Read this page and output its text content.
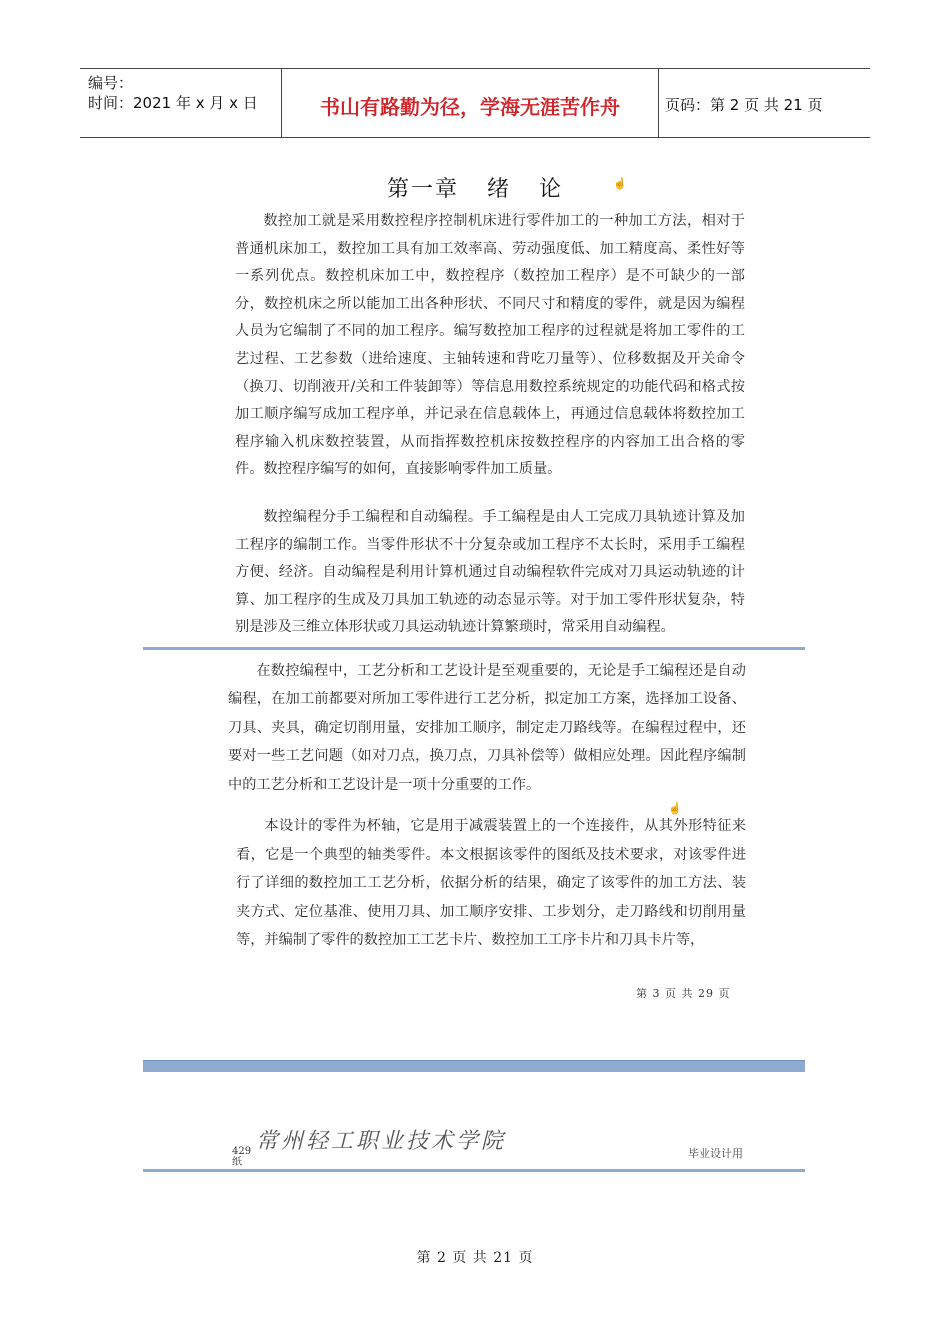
编号：
时间：2021 年 x 月 x 日	书山有路勤为径，学海无涯苦作舟	页码：第 2 页 共 21 页
第一章 绪 论

数控加工就是采用数控程序控制机床进行零件加工的一种加工方法，相对于普通机床加工，数控加工具有加工效率高、劳动强度低、加工精度高、柔性好等一系列优点。数控机床加工中，数控程序（数控加工程序）是不可缺少的一部分，数控机床之所以能加工出各种形状、不同尺寸和精度的零件，就是因为编程人员为它编制了不同的加工程序。编写数控加工程序的过程就是将加工零件的工艺过程、工艺参数（进给速度、主轴转速和背吃刀量等）、位移数据及开关命令（换刀、切削液开/关和工件装卸等）等信息用数控系统规定的功能代码和格式按加工顺序编写成加工程序单，并记录在信息载体上，再通过信息载体将数控加工程序输入机床数控装置，从而指挥数控机床按数控程序的内容加工出合格的零件。数控程序编写的如何，直接影响零件加工质量。

数控编程分手工编程和自动编程。手工编程是由人工完成刀具轨迹计算及加工程序的编制工作。当零件形状不十分复杂或加工程序不太长时，采用手工编程方便、经济。自动编程是利用计算机通过自动编程软件完成对刀具运动轨迹的计算、加工程序的生成及刀具加工轨迹的动态显示等。对于加工零件形状复杂，特别是涉及三维立体形状或刀具运动轨迹计算繁琐时，常采用自动编程。

在数控编程中，工艺分析和工艺设计是至观重要的，无论是手工编程还是自动编程，在加工前都要对所加工零件进行工艺分析，拟定加工方案，选择加工设备、刀具、夹具，确定切削用量，安排加工顺序，制定走刀路线等。在编程过程中，还要对一些工艺问题（如对刀点，换刀点，刀具补偿等）做相应处理。因此程序编制中的工艺分析和工艺设计是一项十分重要的工作。

本设计的零件为杯轴，它是用于减震装置上的一个连接件，从其外形特征来看，它是一个典型的轴类零件。本文根据该零件的图纸及技术要求，对该零件进行了详细的数控加工工艺分析，依据分析的结果，确定了该零件的加工方法、装夹方式、定位基准、使用刀具、加工顺序安排、工步划分，走刀路线和切削用量等，并编制了零件的数控加工工艺卡片、数控加工工序卡片和刀具卡片等，

☝
☝
第 3 页 共 29 页
429
纸
常州轻工职业技术学院	毕业设计用
第 2 页 共 21 页
